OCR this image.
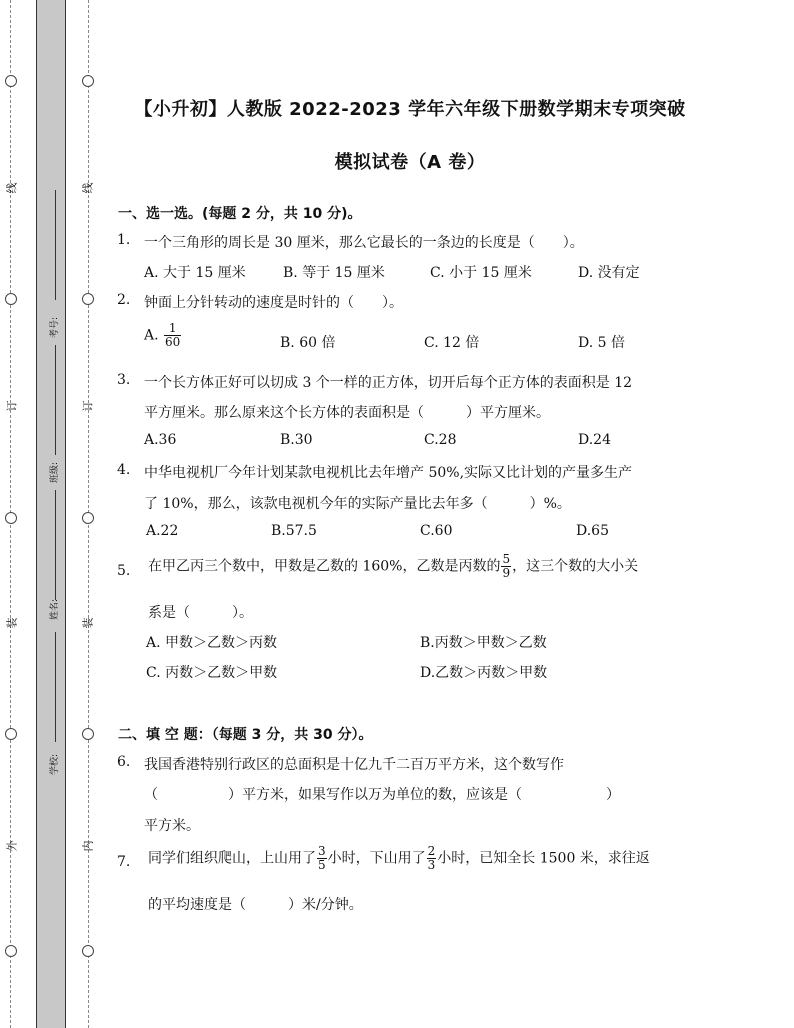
线
订
装
外
线
订
装
内
考号:
班级:
姓名:
学校:
【小升初】人教版 2022-2023 学年六年级下册数学期末专项突破
模拟试卷（A 卷）
一、选一选。(每题 2 分，共 10 分)。
1. 一个三角形的周长是 30 厘米，那么它最长的一条边的长度是（　　）。
A. 大于 15 厘米	B. 等于 15 厘米	C. 小于 15 厘米	D. 没有定
2. 钟面上分针转动的速度是时针的（　　）。
A. $\frac{1}{60}$	B. 60 倍	C. 12 倍	D. 5 倍
3. 一个长方体正好可以切成 3 个一样的正方体，切开后每个正方体的表面积是 12
平方厘米。那么原来这个长方体的表面积是（　　　）平方厘米。
A.36	B.30	C.28	D.24
4. 中华电视机厂今年计划某款电视机比去年增产 50%,实际又比计划的产量多生产
了 10%，那么，该款电视机今年的实际产量比去年多（　　　）%。
A.22	B.57.5	C.60	D.65
5. 在甲乙丙三个数中，甲数是乙数的 160%，乙数是丙数的 $\frac{5}{9}$ ，这三个数的大小关
系是（　　　）。
A. 甲数＞乙数＞丙数	B.丙数＞甲数＞乙数
C. 丙数＞乙数＞甲数	D.乙数＞丙数＞甲数
二、填 空 题：（每题 3 分，共 30 分）。
6. 我国香港特别行政区的总面积是十亿九千二百万平方米，这个数写作
（　　　　　）平方米，如果写作以万为单位的数，应该是（　　　　　　）
平方米。
7. 同学们组织爬山，上山用了 $\frac{3}{5}$ 小时，下山用了 $\frac{2}{3}$ 小时，已知全长 1500 米，求往返
的平均速度是（　　　）米/分钟。
